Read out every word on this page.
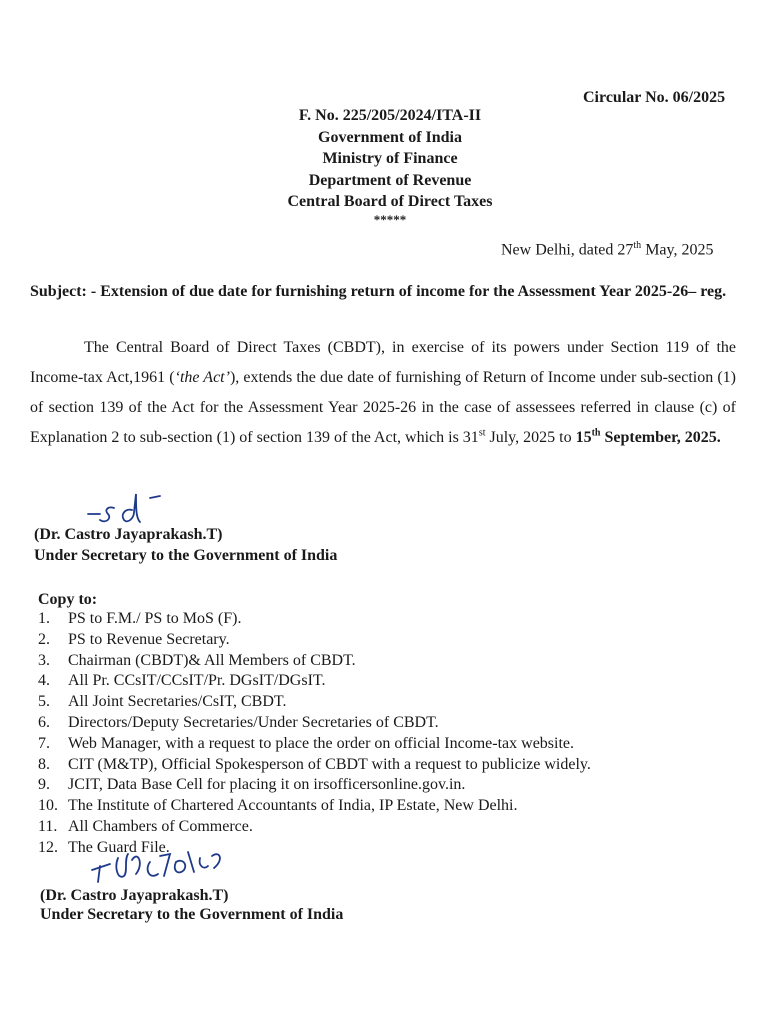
Circular No. 06/2025
F. No. 225/205/2024/ITA-II
Government of India
Ministry of Finance
Department of Revenue
Central Board of Direct Taxes
*****
New Delhi, dated 27th May, 2025
Subject: - Extension of due date for furnishing return of income for the Assessment Year 2025-26– reg.
The Central Board of Direct Taxes (CBDT), in exercise of its powers under Section 119 of the Income-tax Act,1961 (‘the Act’), extends the due date of furnishing of Return of Income under sub-section (1) of section 139 of the Act for the Assessment Year 2025-26 in the case of assessees referred in clause (c) of Explanation 2 to sub-section (1) of section 139 of the Act, which is 31st July, 2025 to 15th September, 2025.
(Dr. Castro Jayaprakash.T)
Under Secretary to the Government of India
Copy to:
1. PS to F.M./ PS to MoS (F).
2. PS to Revenue Secretary.
3. Chairman (CBDT)& All Members of CBDT.
4. All Pr. CCsIT/CCsIT/Pr. DGsIT/DGsIT.
5. All Joint Secretaries/CsIT, CBDT.
6. Directors/Deputy Secretaries/Under Secretaries of CBDT.
7. Web Manager, with a request to place the order on official Income-tax website.
8. CIT (M&TP), Official Spokesperson of CBDT with a request to publicize widely.
9. JCIT, Data Base Cell for placing it on irsofficersonline.gov.in.
10. The Institute of Chartered Accountants of India, IP Estate, New Delhi.
11. All Chambers of Commerce.
12. The Guard File.
(Dr. Castro Jayaprakash.T)
Under Secretary to the Government of India
